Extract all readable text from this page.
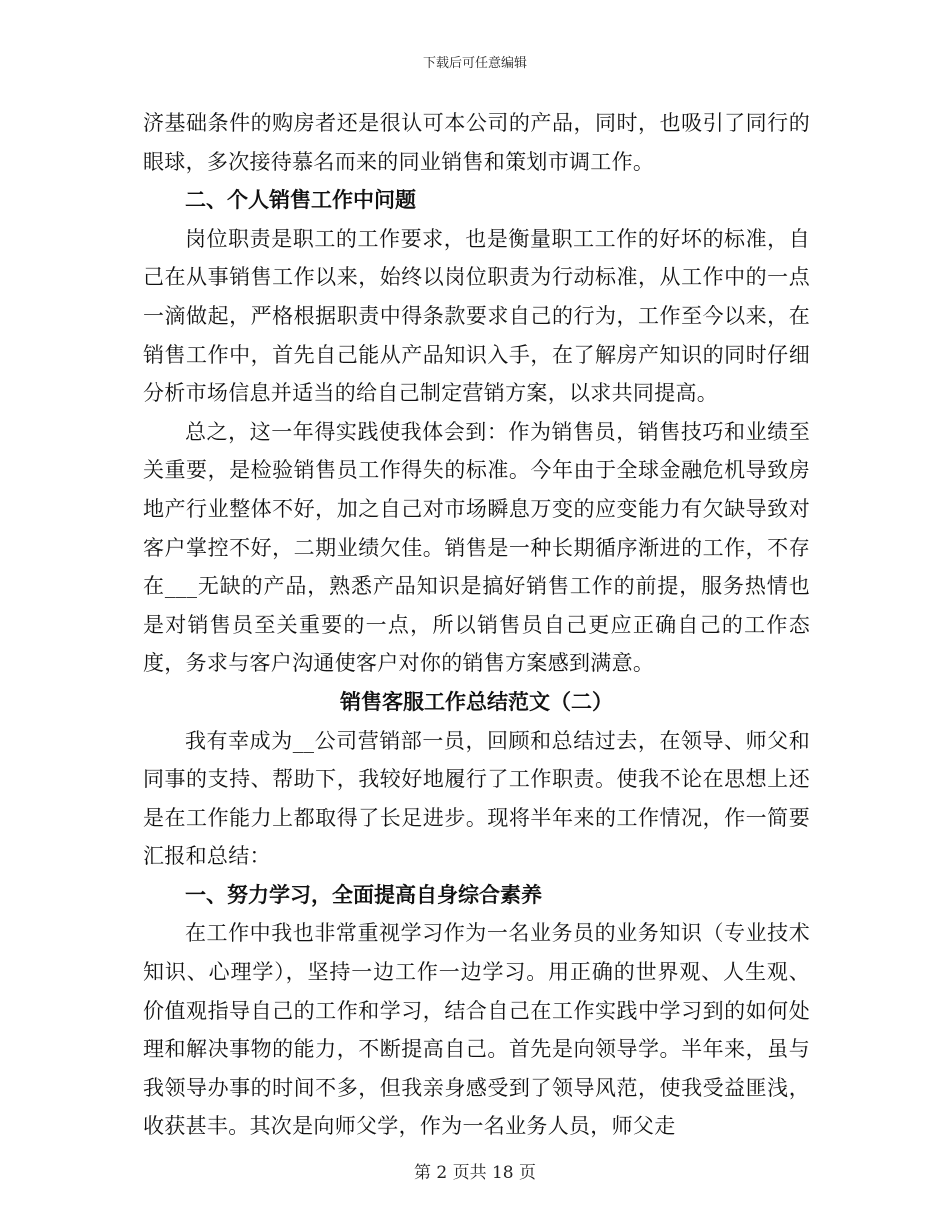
下载后可任意编辑

济基础条件的购房者还是很认可本公司的产品，同时，也吸引了同行的眼球，多次接待慕名而来的同业销售和策划市调工作。

二、个人销售工作中问题

岗位职责是职工的工作要求，也是衡量职工工作的好坏的标准，自己在从事销售工作以来，始终以岗位职责为行动标准，从工作中的一点一滴做起，严格根据职责中得条款要求自己的行为，工作至今以来，在销售工作中，首先自己能从产品知识入手，在了解房产知识的同时仔细分析市场信息并适当的给自己制定营销方案，以求共同提高。

总之，这一年得实践使我体会到：作为销售员，销售技巧和业绩至关重要，是检验销售员工作得失的标准。今年由于全球金融危机导致房地产行业整体不好，加之自己对市场瞬息万变的应变能力有欠缺导致对客户掌控不好，二期业绩欠佳。销售是一种长期循序渐进的工作，不存在___无缺的产品，熟悉产品知识是搞好销售工作的前提，服务热情也是对销售员至关重要的一点，所以销售员自己更应正确自己的工作态度，务求与客户沟通使客户对你的销售方案感到满意。

销售客服工作总结范文（二）

我有幸成为__公司营销部一员，回顾和总结过去，在领导、师父和同事的支持、帮助下，我较好地履行了工作职责。使我不论在思想上还是在工作能力上都取得了长足进步。现将半年来的工作情况，作一简要汇报和总结：

一、努力学习，全面提高自身综合素养

在工作中我也非常重视学习作为一名业务员的业务知识（专业技术知识、心理学），坚持一边工作一边学习。用正确的世界观、人生观、价值观指导自己的工作和学习，结合自己在工作实践中学习到的如何处理和解决事物的能力，不断提高自己。首先是向领导学。半年来，虽与我领导办事的时间不多，但我亲身感受到了领导风范，使我受益匪浅，收获甚丰。其次是向师父学，作为一名业务人员，师父走

第 2 页共 18 页
